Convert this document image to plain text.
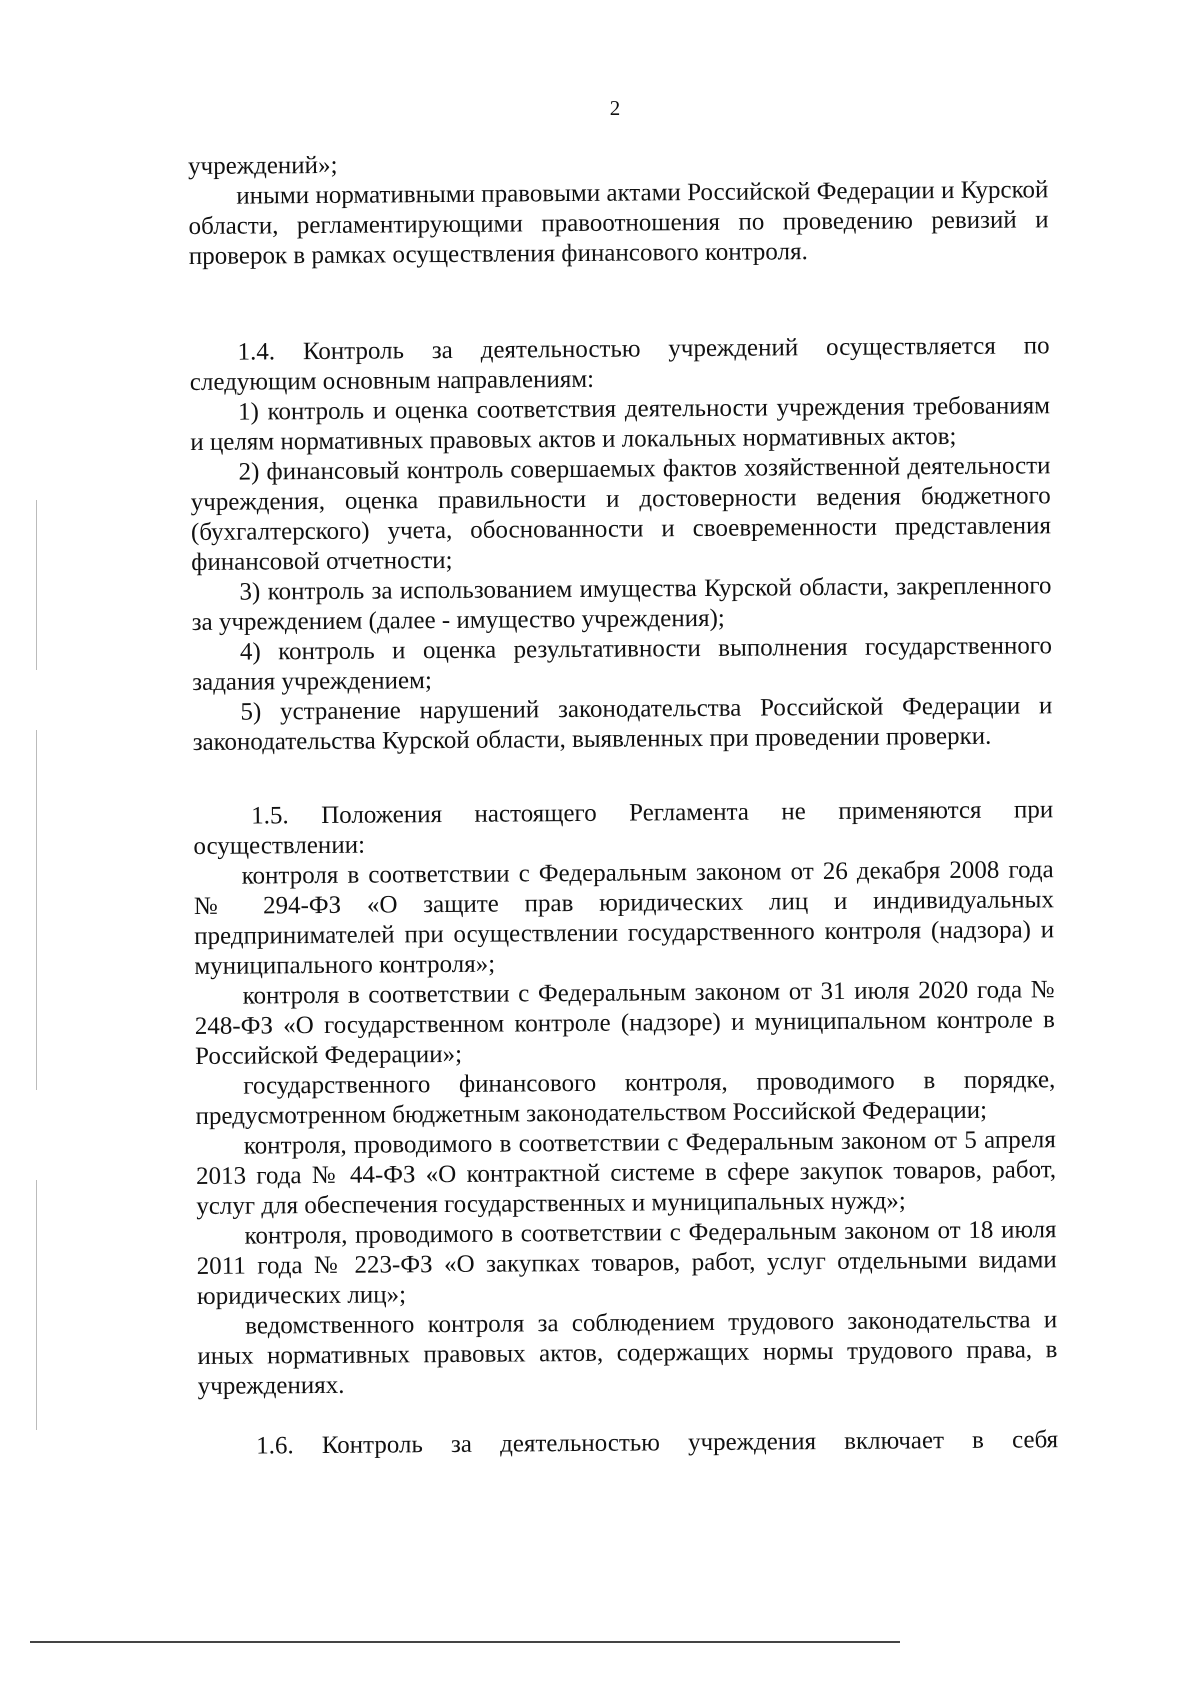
2

учреждений»;

иными нормативными правовыми актами Российской Федерации и Курской области, регламентирующими правоотношения по проведению ревизий и проверок в рамках осуществления финансового контроля.

1.4. Контроль за деятельностью учреждений осуществляется по следующим основным направлениям:

1) контроль и оценка соответствия деятельности учреждения требованиям и целям нормативных правовых актов и локальных нормативных актов;

2) финансовый контроль совершаемых фактов хозяйственной деятельности учреждения, оценка правильности и достоверности ведения бюджетного (бухгалтерского) учета, обоснованности и своевременности представления финансовой отчетности;

3) контроль за использованием имущества Курской области, закрепленного за учреждением (далее - имущество учреждения);

4) контроль и оценка результативности выполнения государственного задания учреждением;

5) устранение нарушений законодательства Российской Федерации и законодательства Курской области, выявленных при проведении проверки.

1.5. Положения настоящего Регламента не применяются при осуществлении:

контроля в соответствии с Федеральным законом от 26 декабря 2008 года № 294-ФЗ «О защите прав юридических лиц и индивидуальных предпринимателей при осуществлении государственного контроля (надзора) и муниципального контроля»;

контроля в соответствии с Федеральным законом от 31 июля 2020 года № 248-ФЗ «О государственном контроле (надзоре) и муниципальном контроле в Российской Федерации»;

государственного финансового контроля, проводимого в порядке, предусмотренном бюджетным законодательством Российской Федерации;

контроля, проводимого в соответствии с Федеральным законом от 5 апреля 2013 года № 44-ФЗ «О контрактной системе в сфере закупок товаров, работ, услуг для обеспечения государственных и муниципальных нужд»;

контроля, проводимого в соответствии с Федеральным законом от 18 июля 2011 года № 223-ФЗ «О закупках товаров, работ, услуг отдельными видами юридических лиц»;

ведомственного контроля за соблюдением трудового законодательства и иных нормативных правовых актов, содержащих нормы трудового права, в учреждениях.

1.6. Контроль за деятельностью учреждения включает в себя
